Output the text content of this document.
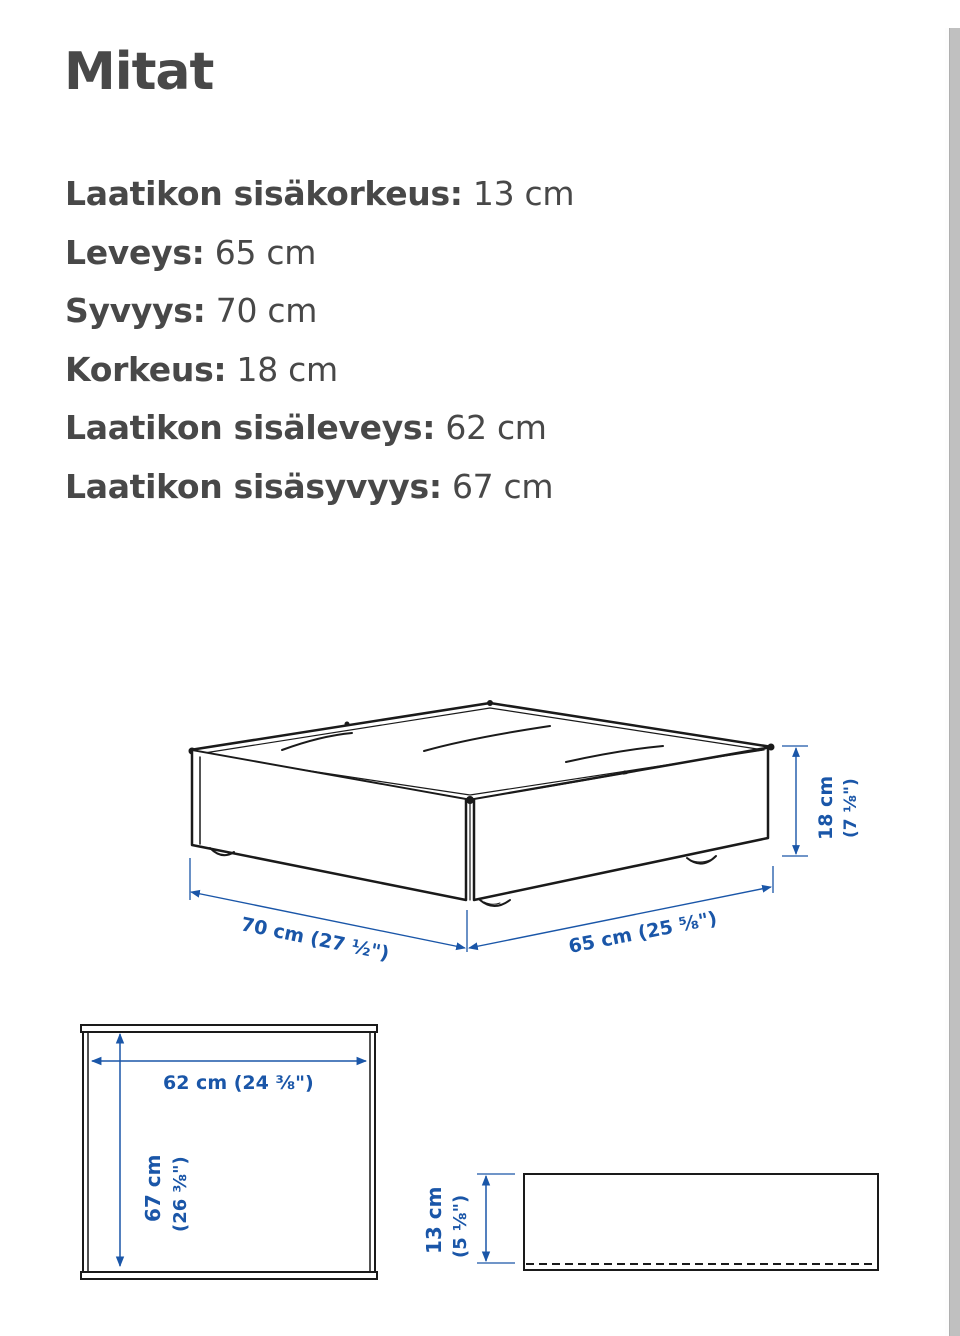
Mitat
Laatikon sisäkorkeus: 13 cm
Leveys: 65 cm
Syvyys: 70 cm
Korkeus: 18 cm
Laatikon sisäleveys: 62 cm
Laatikon sisäsyvyys: 67 cm
70 cm (27 ½")	65 cm (25 ⅝")
18 cm (7 ⅛")
62 cm (24 ⅜")
67 cm (26 ⅜")	13 cm (5 ⅛")
